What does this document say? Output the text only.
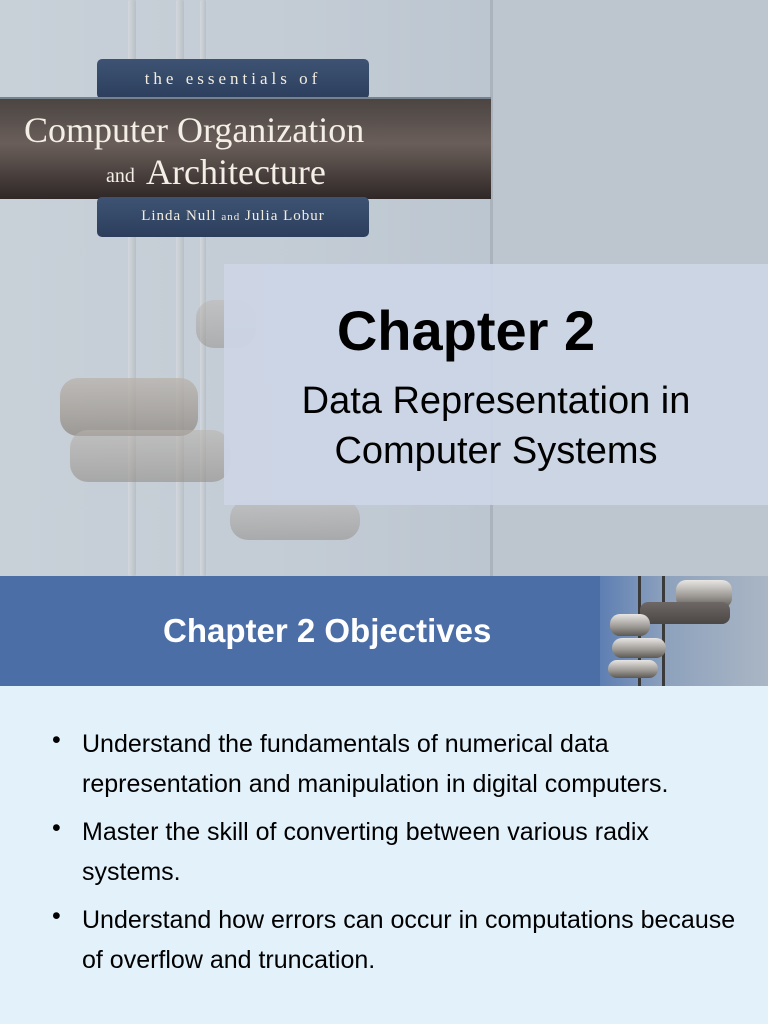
the essentials of
Computer Organization
and Architecture
Linda Null and Julia Lobur
Chapter 2
Data Representation in
Computer Systems
Chapter 2 Objectives
• Understand the fundamentals of numerical data representation and manipulation in digital computers.
• Master the skill of converting between various radix systems.
• Understand how errors can occur in computations because of overflow and truncation.
